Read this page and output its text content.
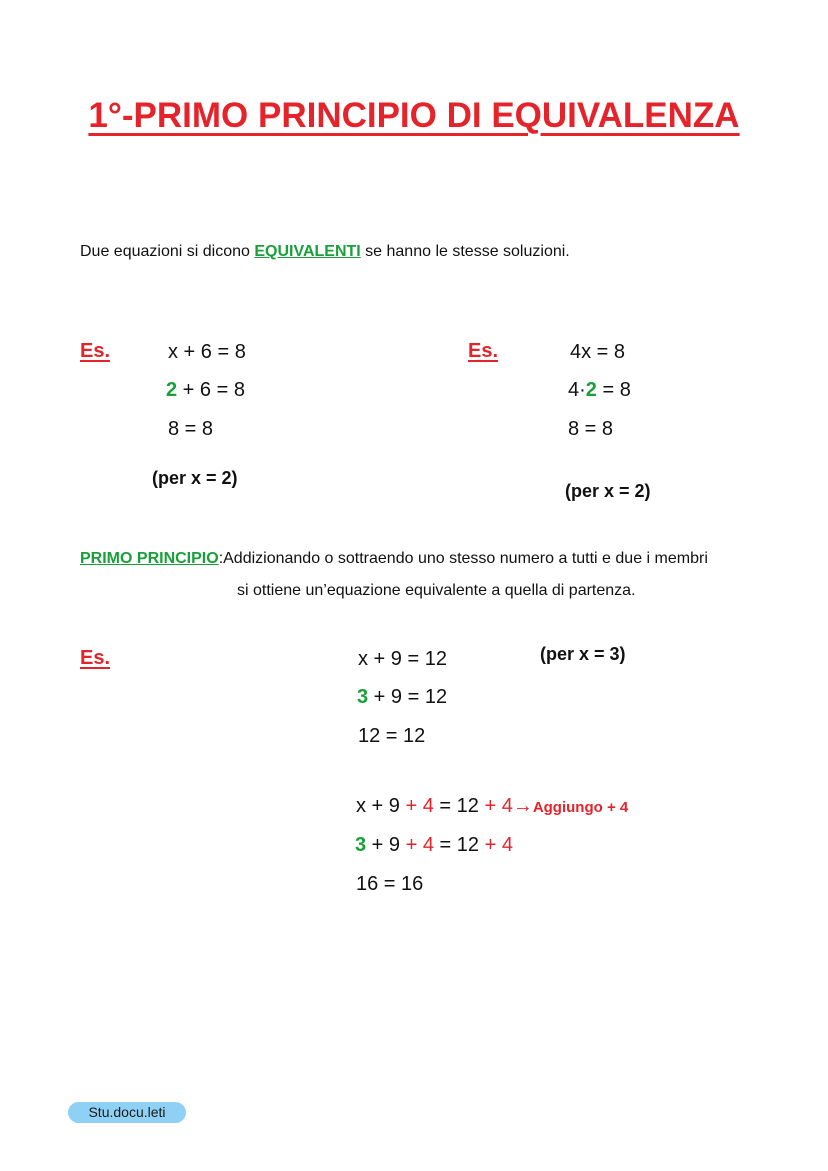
1°-PRIMO PRINCIPIO DI EQUIVALENZA
Due equazioni si dicono EQUIVALENTI se hanno le stesse soluzioni.
Es.	x + 6 = 8
2 + 6 = 8
8 = 8
(per x = 2)
Es.	4x = 8
4·2 = 8
8 = 8
(per x = 2)
PRIMO PRINCIPIO:Addizionando o sottraendo uno stesso numero a tutti e due i membri
si ottiene un’equazione equivalente a quella di partenza.
Es.	x + 9 = 12	(per x = 3)
3 + 9 = 12
12 = 12
x + 9 + 4 = 12 + 4→Aggiungo + 4
3 + 9 + 4 = 12 + 4
16 = 16
Stu.docu.leti
